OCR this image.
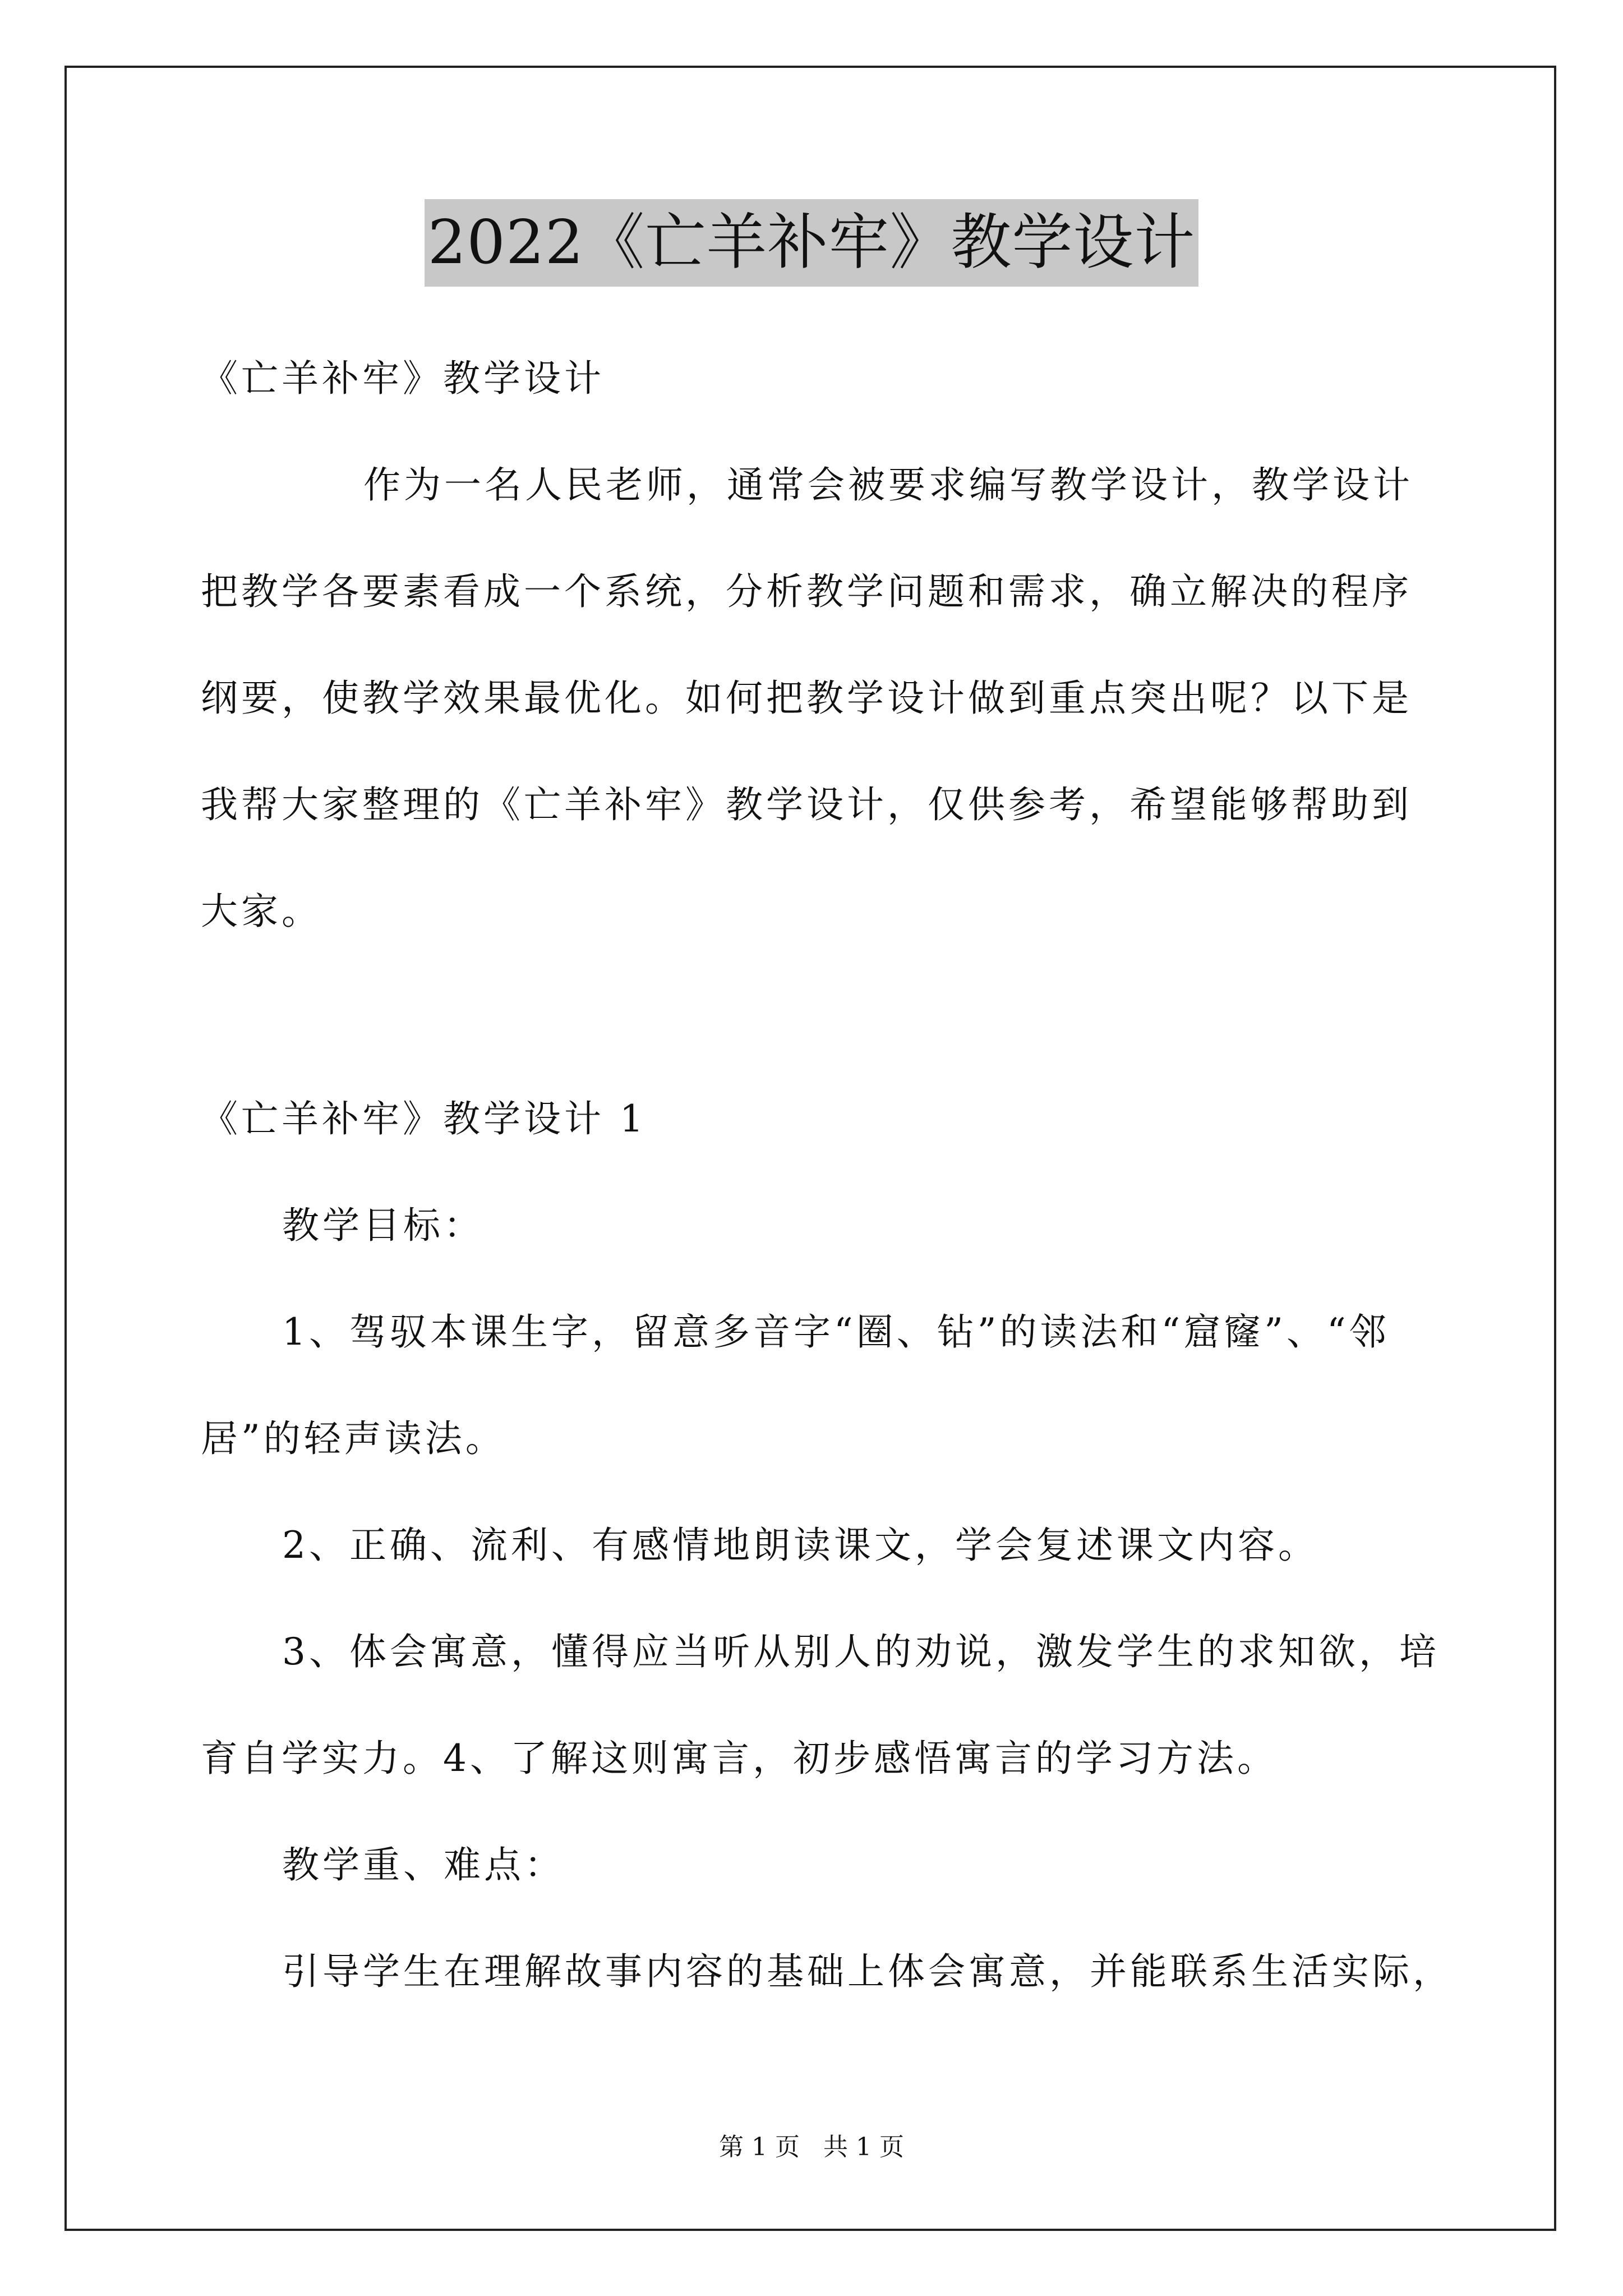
2022《亡羊补牢》教学设计
《亡羊补牢》教学设计
作为一名人民老师，通常会被要求编写教学设计，教学设计
把教学各要素看成一个系统，分析教学问题和需求，确立解决的程序
纲要，使教学效果最优化。如何把教学设计做到重点突出呢？以下是
我帮大家整理的《亡羊补牢》教学设计，仅供参考，希望能够帮助到
大家。
《亡羊补牢》教学设计 1
教学目标：
1、驾驭本课生字，留意多音字“圈、钻”的读法和“窟窿”、“邻
居”的轻声读法。
2、正确、流利、有感情地朗读课文，学会复述课文内容。
3、体会寓意，懂得应当听从别人的劝说，激发学生的求知欲，培
育自学实力。4、了解这则寓言，初步感悟寓言的学习方法。
教学重、难点：
引导学生在理解故事内容的基础上体会寓意，并能联系生活实际，
第 1 页   共 1 页
